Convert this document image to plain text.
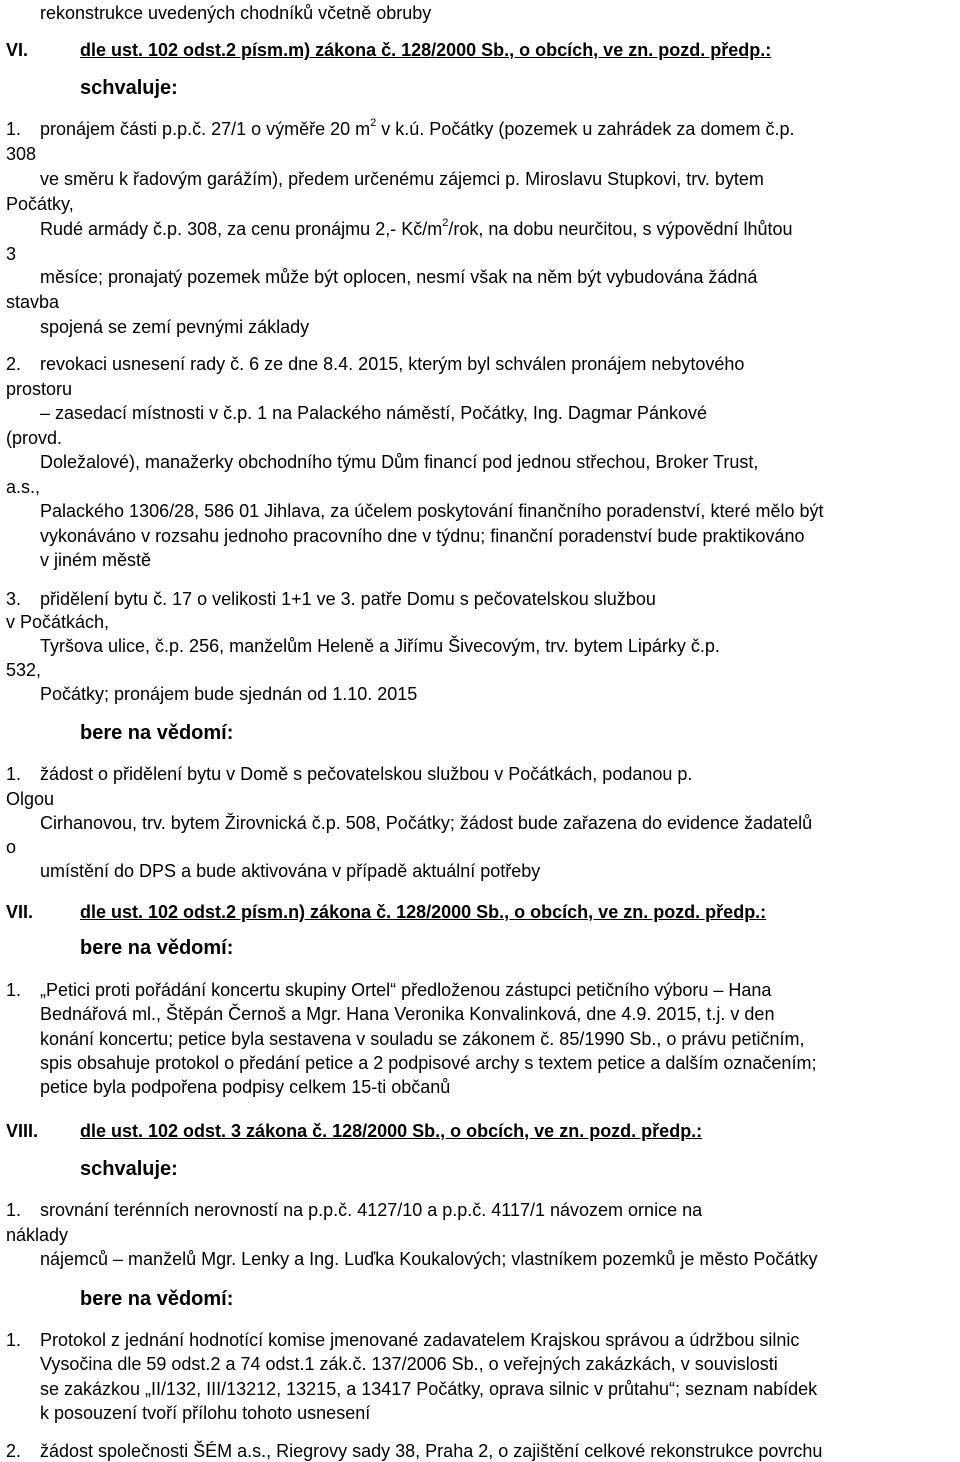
rekonstrukce uvedených chodníků včetně obruby
VI.	dle ust. 102 odst.2 písm.m) zákona č. 128/2000 Sb., o obcích, ve zn. pozd. předp.:
schvaluje:
1. pronájem části p.p.č. 27/1 o výměře 20 $m^2$ v k.ú. Počátky (pozemek u zahrádek za domem č.p.
308
ve směru k řadovým garážím), předem určenému zájemci p. Miroslavu Stupkovi, trv. bytem
Počátky,
Rudé armády č.p. 308, za cenu pronájmu 2,- $Kč/m^2$/rok, na dobu neurčitou, s výpovědní lhůtou
3
měsíce; pronajatý pozemek může být oplocen, nesmí však na něm být vybudována žádná
stavba
spojená se zemí pevnými základy
2. revokaci usnesení rady č. 6 ze dne 8.4. 2015, kterým byl schválen pronájem nebytového
prostoru
– zasedací místnosti v č.p. 1 na Palackého náměstí, Počátky, Ing. Dagmar Pánkové
(provd.
Doležalové), manažerky obchodního týmu Dům financí pod jednou střechou, Broker Trust,
a.s.,
Palackého 1306/28, 586 01 Jihlava, za účelem poskytování finančního poradenství, které mělo být
vykonáváno v rozsahu jednoho pracovního dne v týdnu; finanční poradenství bude praktikováno
v jiném městě
3. přidělení bytu č. 17 o velikosti 1+1 ve 3. patře Domu s pečovatelskou službou
v Počátkách,
Tyršova ulice, č.p. 256, manželům Heleně a Jiřímu Šivecovým, trv. bytem Lipárky č.p.
532,
Počátky; pronájem bude sjednán od 1.10. 2015
bere na vědomí:
1. žádost o přidělení bytu v Domě s pečovatelskou službou v Počátkách, podanou p.
Olgou
Cirhanovou, trv. bytem Žirovnická č.p. 508, Počátky; žádost bude zařazena do evidence žadatelů
o
umístění do DPS a bude aktivována v případě aktuální potřeby
VII.	dle ust. 102 odst.2 písm.n) zákona č. 128/2000 Sb., o obcích, ve zn. pozd. předp.:
bere na vědomí:
1. „Petici proti pořádání koncertu skupiny Ortel“ předloženou zástupci petičního výboru – Hana
Bednářová ml., Štěpán Černoš a Mgr. Hana Veronika Konvalinková, dne 4.9. 2015, t.j. v den
konání koncertu; petice byla sestavena v souladu se zákonem č. 85/1990 Sb., o právu petičním,
spis obsahuje protokol o předání petice a 2 podpisové archy s textem petice a dalším označením;
petice byla podpořena podpisy celkem 15-ti občanů
VIII. dle ust. 102 odst. 3 zákona č. 128/2000 Sb., o obcích, ve zn. pozd. předp.:
schvaluje:
1. srovnání terénních nerovností na p.p.č. 4127/10 a p.p.č. 4117/1 návozem ornice na
náklady
nájemců – manželů Mgr. Lenky a Ing. Luďka Koukalových; vlastníkem pozemků je město Počátky
bere na vědomí:
1. Protokol z jednání hodnotící komise jmenované zadavatelem Krajskou správou a údržbou silnic
Vysočina dle 59 odst.2 a 74 odst.1 zák.č. 137/2006 Sb., o veřejných zakázkách, v souvislosti
se zakázkou „II/132, III/13212, 13215, a 13417 Počátky, oprava silnic v průtahu“; seznam nabídek
k posouzení tvoří přílohu tohoto usnesení
2. žádost společnosti ŠÉM a.s., Riegrovy sady 38, Praha 2, o zajištění celkové rekonstrukce povrchu
